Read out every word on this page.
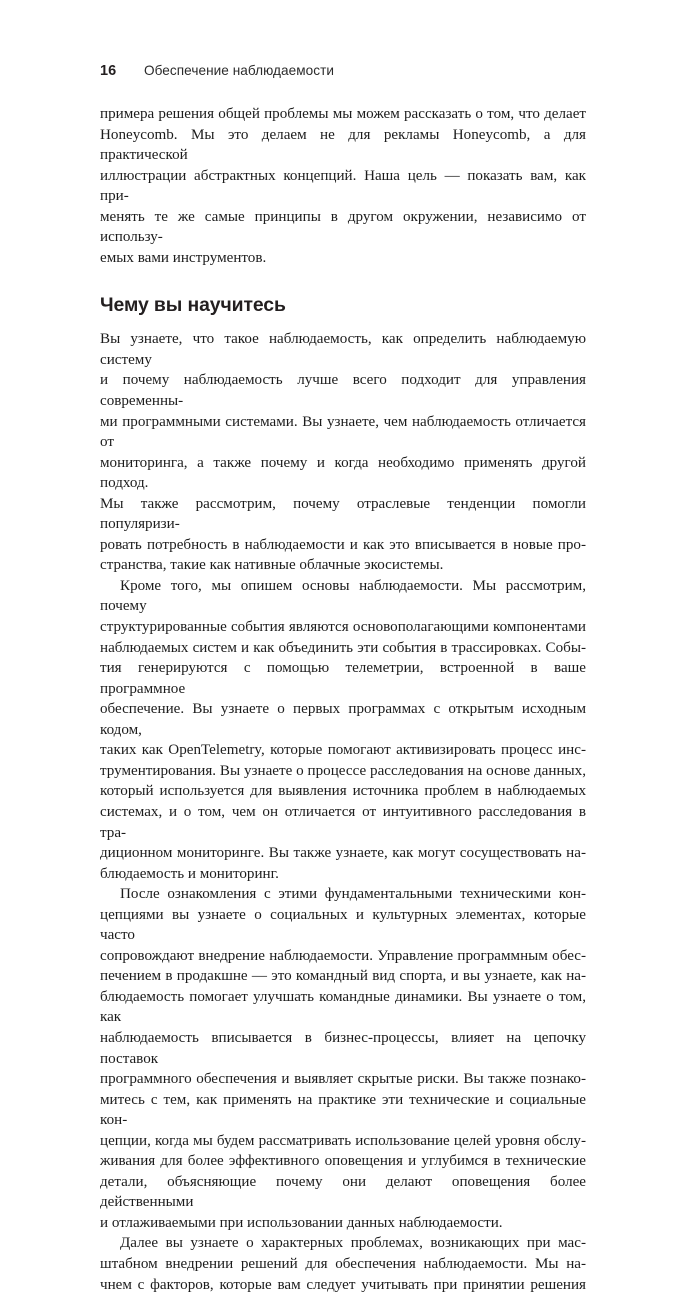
16	Обеспечение наблюдаемости
примера решения общей проблемы мы можем рассказать о том, что делает
Honeycomb. Мы это делаем не для рекламы Honeycomb, а для практической
иллюстрации абстрактных концепций. Наша цель — показать вам, как при-
менять те же самые принципы в другом окружении, независимо от использу-
емых вами инструментов.
Чему вы научитесь
Вы узнаете, что такое наблюдаемость, как определить наблюдаемую систему
и почему наблюдаемость лучше всего подходит для управления современны-
ми программными системами. Вы узнаете, чем наблюдаемость отличается от
мониторинга, а также почему и когда необходимо применять другой подход.
Мы также рассмотрим, почему отраслевые тенденции помогли популяризи-
ровать потребность в наблюдаемости и как это вписывается в новые про-
странства, такие как нативные облачные экосистемы.
Кроме того, мы опишем основы наблюдаемости. Мы рассмотрим, почему
структурированные события являются основополагающими компонентами
наблюдаемых систем и как объединить эти события в трассировках. Собы-
тия генерируются с помощью телеметрии, встроенной в ваше программное
обеспечение. Вы узнаете о первых программах с открытым исходным кодом,
таких как OpenTelemetry, которые помогают активизировать процесс инс-
трументирования. Вы узнаете о процессе расследования на основе данных,
который используется для выявления источника проблем в наблюдаемых
системах, и о том, чем он отличается от интуитивного расследования в тра-
диционном мониторинге. Вы также узнаете, как могут сосуществовать на-
блюдаемость и мониторинг.
После ознакомления с этими фундаментальными техническими кон-
цепциями вы узнаете о социальных и культурных элементах, которые часто
сопровождают внедрение наблюдаемости. Управление программным обес-
печением в продакшне — это командный вид спорта, и вы узнаете, как на-
блюдаемость помогает улучшать командные динамики. Вы узнаете о том, как
наблюдаемость вписывается в бизнес-процессы, влияет на цепочку поставок
программного обеспечения и выявляет скрытые риски. Вы также познако-
митесь с тем, как применять на практике эти технические и социальные кон-
цепции, когда мы будем рассматривать использование целей уровня обслу-
живания для более эффективного оповещения и углубимся в технические
детали, объясняющие почему они делают оповещения более действенными
и отлаживаемыми при использовании данных наблюдаемости.
Далее вы узнаете о характерных проблемах, возникающих при мас-
штабном внедрении решений для обеспечения наблюдаемости. Мы на-
чнем с факторов, которые вам следует учитывать при принятии решения
